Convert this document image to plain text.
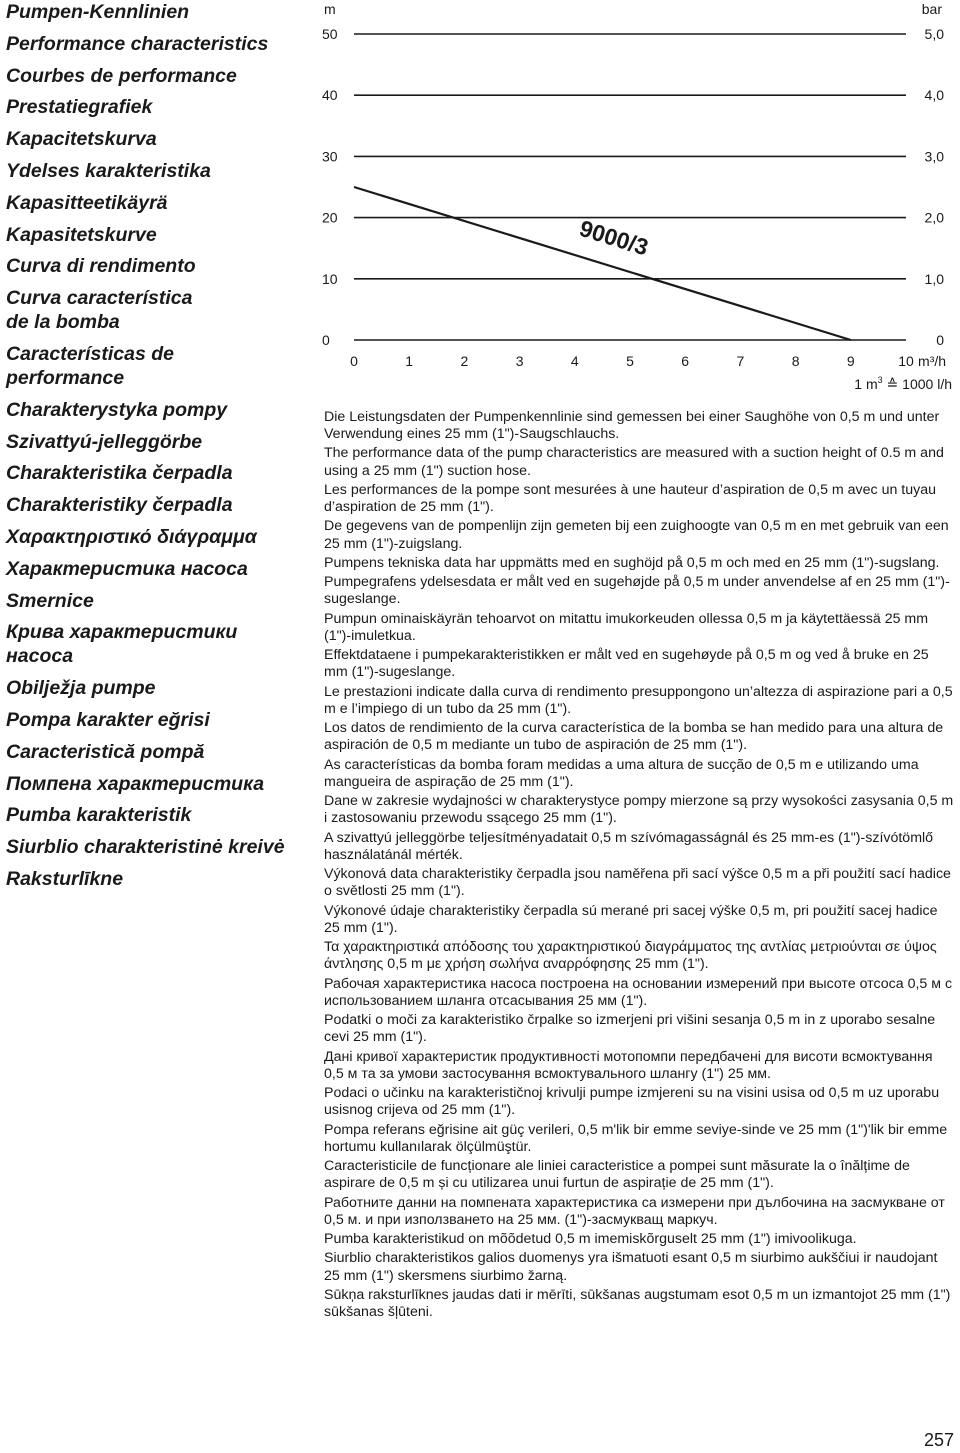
Pumpen-Kennlinien
Performance characteristics
Courbes de performance
Prestatiegrafiek
Kapacitetskurva
Ydelses karakteristika
Kapasitteetikäyrä
Kapasitetskurve
Curva di rendimento
Curva característica
de la bomba
Características de
performance
Charakterystyka pompy
Szivattyú-jelleggörbe
Charakteristika čerpadla
Charakteristiky čerpadla
Χαρακτηριστικό διάγραμμα
Характеристика насоса
Smernice
Крива характеристики
насоса
Obilježja pumpe
Pompa karakter eğrisi
Caracteristică pompă
Помпена характеристика
Pumba karakteristik
Siurblio charakteristinė kreivė
Raksturlīkne
0
10
20
30
40
50
0
1,0
2,0
3,0
4,0
5,0
m	bar
0	1	2	3	4	5	6	7	8	9	10 m³/h
1 $m^3$ ≙ 1000 l/h
9000/3

Die Leistungsdaten der Pumpenkennlinie sind gemessen bei einer Saughöhe von 0,5 m und unter Verwendung eines 25 mm (1")-Saugschlauchs.

The performance data of the pump characteristics are measured with a suction height of 0.5 m and using a 25 mm (1") suction hose.

Les performances de la pompe sont mesurées à une hauteur d’aspiration de 0,5 m avec un tuyau d’aspiration de 25 mm (1").

De gegevens van de pompenlijn zijn gemeten bij een zuighoogte van 0,5 m en met gebruik van een 25 mm (1")-zuigslang.

Pumpens tekniska data har uppmätts med en sughöjd på 0,5 m och med en 25 mm (1")-sugslang.

Pumpegrafens ydelsesdata er målt ved en sugehøjde på 0,5 m under anvendelse af en 25 mm (1")-sugeslange.

Pumpun ominaiskäyrän tehoarvot on mitattu imukorkeuden ollessa 0,5 m ja käytettäessä 25 mm (1")-imuletkua.

Effektdataene i pumpekarakteristikken er målt ved en sugehøyde på 0,5 m og ved å bruke en 25 mm (1")-sugeslange.

Le prestazioni indicate dalla curva di rendimento presuppongono un’altezza di aspirazione pari a 0,5 m e l’impiego di un tubo da 25 mm (1").

Los datos de rendimiento de la curva característica de la bomba se han medido para una altura de aspiración de 0,5 m mediante un tubo de aspiración de 25 mm (1").

As características da bomba foram medidas a uma altura de sucção de 0,5 m e utilizando uma mangueira de aspiração de 25 mm (1").

Dane w zakresie wydajności w charakterystyce pompy mierzone są przy wysokości zasysania 0,5 m i zastosowaniu przewodu ssącego 25 mm (1").

A szivattyú jelleggörbe teljesítményadatait 0,5 m szívómagasságnál és 25 mm-es (1")-szívótömlő használatánál mérték.

Výkonová data charakteristiky čerpadla jsou naměřena při sací výšce 0,5 m a při použití sací hadice o světlosti 25 mm (1").

Výkonové údaje charakteristiky čerpadla sú merané pri sacej výške 0,5 m, pri použití sacej hadice 25 mm (1").

Τα χαρακτηριστικά απόδοσης του χαρακτηριστικού διαγράμματος της αντλίας μετριούνται σε ύψος άντλησης 0,5 m με χρήση σωλήνα αναρρόφησης 25 mm (1").

Рабочая характеристика насоса построена на основании измерений при высоте отсоса 0,5 м с использованием шланга отсасывания 25 мм (1").

Podatki o moči za karakteristiko črpalke so izmerjeni pri višini sesanja 0,5 m in z uporabo sesalne cevi 25 mm (1").

Дані кривої характеристик продуктивності мотопомпи передбачені для висоти всмоктування 0,5 м та за умови застосування всмоктувального шлангу (1") 25 мм.

Podaci o učinku na karakterističnoj krivulji pumpe izmjereni su na visini usisa od 0,5 m uz uporabu usisnog crijeva od 25 mm (1").

Pompa referans eğrisine ait güç verileri, 0,5 m'lik bir emme seviye-sinde ve 25 mm (1")'lik bir emme hortumu kullanılarak ölçülmüştür.

Caracteristicile de funcționare ale liniei caracteristice a pompei sunt măsurate la o înălțime de aspirare de 0,5 m și cu utilizarea unui furtun de aspirație de 25 mm (1").

Работните данни на помпената характеристика са измерени при дълбочина на засмукване от 0,5 м. и при използването на 25 мм. (1")-засмукващ маркуч.

Pumba karakteristikud on mõõdetud 0,5 m imemiskõrguselt 25 mm (1") imivoolikuga.

Siurblio charakteristikos galios duomenys yra išmatuoti esant 0,5 m siurbimo aukščiui ir naudojant 25 mm (1") skersmens siurbimo žarną.

Sūkņa raksturlīknes jaudas dati ir mērīti, sūkšanas augstumam esot 0,5 m un izmantojot 25 mm (1") sūkšanas šļūteni.

257
